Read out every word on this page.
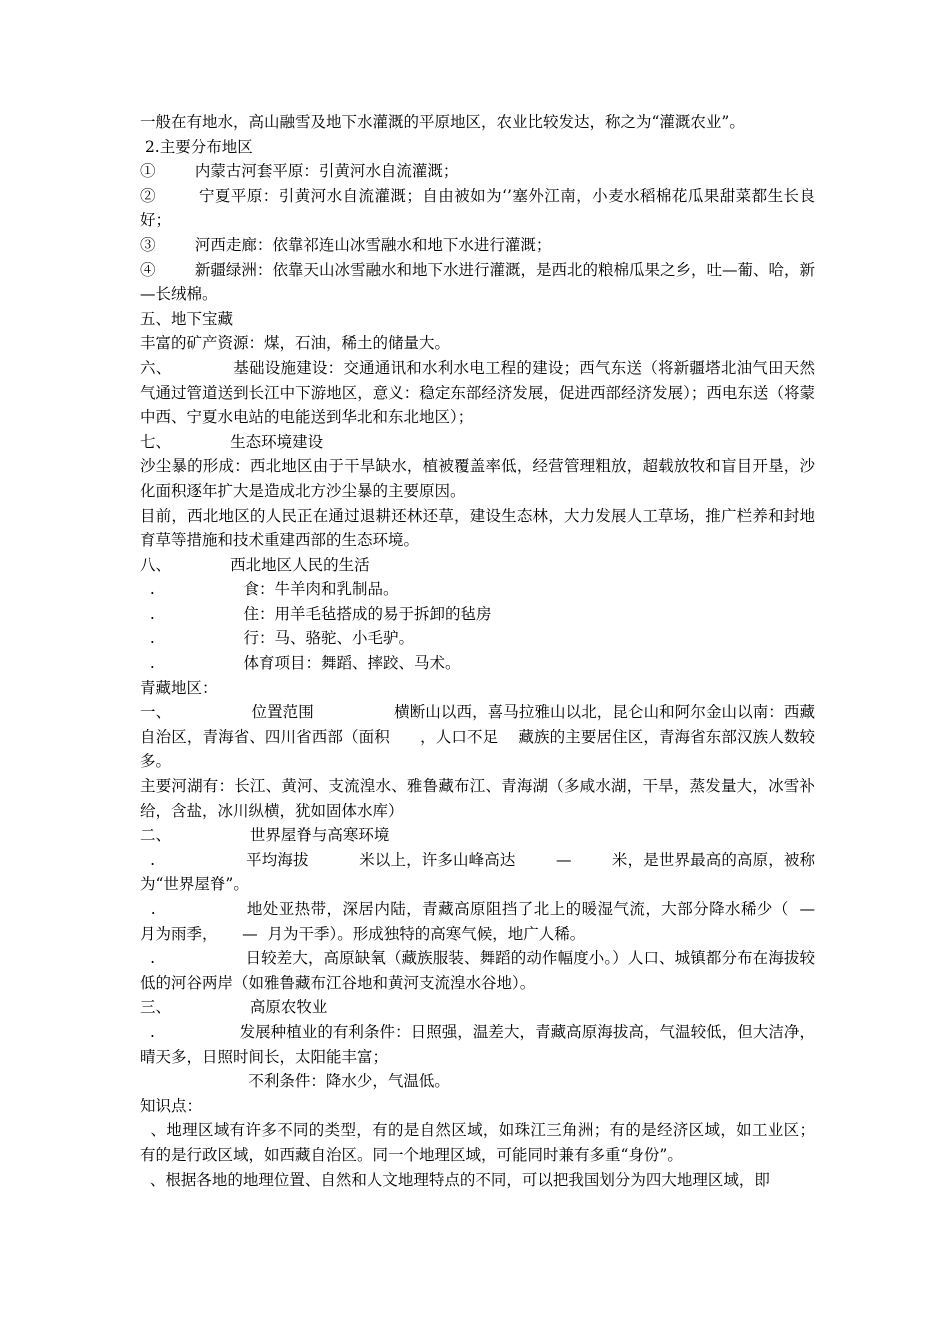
一般在有地水，高山融雪及地下水灌溉的平原地区，农业比较发达，称之为“灌溉农业”。
2.主要分布地区
①        内蒙古河套平原：引黄河水自流灌溉；
②        宁夏平原：引黄河水自流灌溉；自由被如为‘’塞外江南，小麦水稻棉花瓜果甜菜都生长良好；
③        河西走廊：依靠祁连山冰雪融水和地下水进行灌溉；
④        新疆绿洲：依靠天山冰雪融水和地下水进行灌溉，是西北的粮棉瓜果之乡，吐—葡、哈，新—长绒棉。
五、地下宝藏
丰富的矿产资源：煤，石油，稀土的储量大。
六、            基础设施建设：交通通讯和水利水电工程的建设；西气东送（将新疆塔北油气田天然气通过管道送到长江中下游地区，意义：稳定东部经济发展，促进西部经济发展）；西电东送（将蒙中西、宁夏水电站的电能送到华北和东北地区）；
七、            生态环境建设
沙尘暴的形成：西北地区由于干旱缺水，植被覆盖率低，经营管理粗放，超载放牧和盲目开垦，沙化面积逐年扩大是造成北方沙尘暴的主要原因。
目前，西北地区的人民正在通过退耕还林还草，建设生态林，大力发展人工草场，推广栏养和封地育草等措施和技术重建西部的生态环境。
八、            西北地区人民的生活
.                  食：牛羊肉和乳制品。
.                  住：用羊毛毡搭成的易于拆卸的毡房
.                  行：马、骆驼、小毛驴。
.                  体育项目：舞蹈、摔跤、马术。
青藏地区：
一、                位置范围                横断山以西，喜马拉雅山以北，昆仑山和阿尔金山以南：西藏自治区，青海省、四川省西部（面积      ，人口不足    藏族的主要居住区，青海省东部汉族人数较多。
主要河湖有：长江、黄河、支流湟水、雅鲁藏布江、青海湖（多咸水湖，干旱，蒸发量大，冰雪补给，含盐，冰川纵横，犹如固体水库）
二、                世界屋脊与高寒环境
.                  平均海拔          米以上，许多山峰高达        —        米，是世界最高的高原，被称为“世界屋脊”。
.                 地处亚热带，深居内陆，青藏高原阻挡了北上的暖湿气流，大部分降水稀少（  —   月为雨季，     —  月为干季）。形成独特的高寒气候，地广人稀。
.                  日较差大，高原缺氧（藏族服装、舞蹈的动作幅度小。）人口、城镇都分布在海拔较低的河谷两岸（如雅鲁藏布江谷地和黄河支流湟水谷地）。
三、                高原农牧业
.                 发展种植业的有利条件：日照强，温差大，青藏高原海拔高，气温较低，但大洁净，晴天多，日照时间长，太阳能丰富；
不利条件：降水少，气温低。
知识点：
、地理区域有许多不同的类型，有的是自然区域，如珠江三角洲；有的是经济区域，如工业区；有的是行政区域，如西藏自治区。同一个地理区域，可能同时兼有多重“身份”。
、根据各地的地理位置、自然和人文地理特点的不同，可以把我国划分为四大地理区域，即
